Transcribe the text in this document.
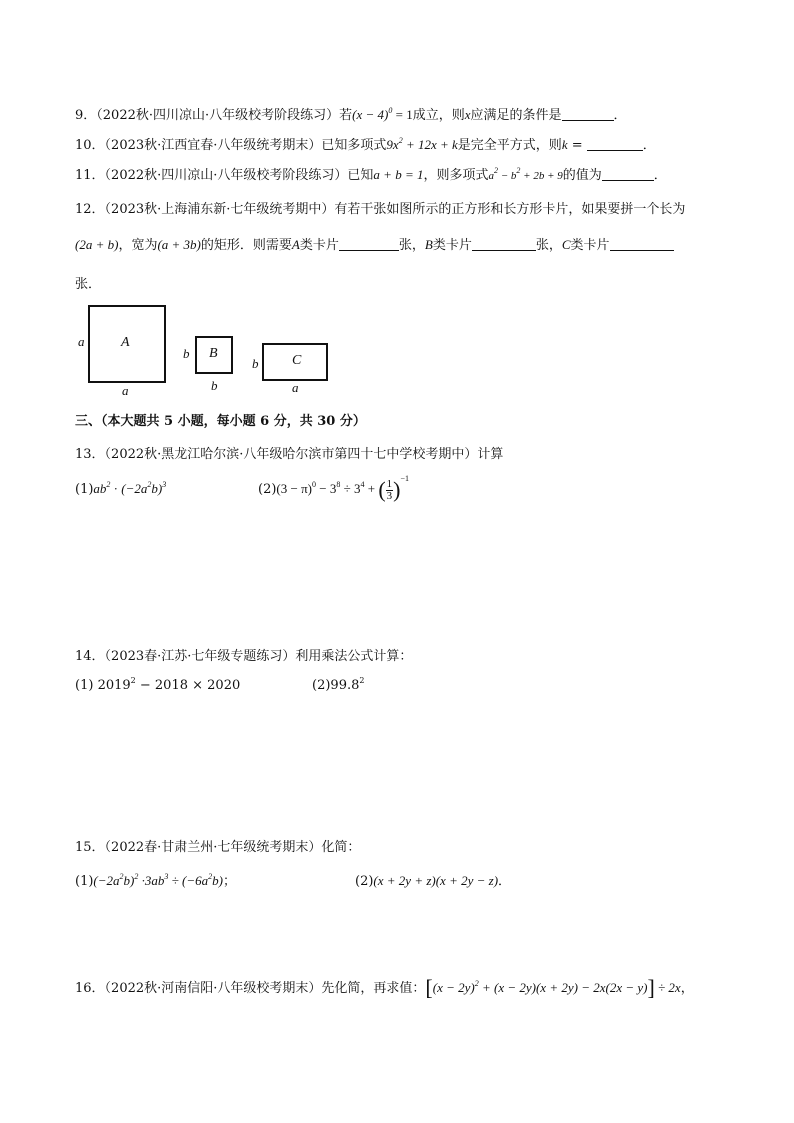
9．（2022秋·四川凉山·八年级校考阶段练习）若$(x - 4)^0 = 1$成立，则x应满足的条件是	．
10．（2023秋·江西宜春·八年级统考期末）已知多项式$9x^2 + 12x + k$是完全平方式，则k =	．
11．（2022秋·四川凉山·八年级校考阶段练习）已知a + b = 1，则多项式$a^2 - b^2 + 2b + 9$的值为	．
12．（2023秋·上海浦东新·七年级统考期中）有若干张如图所示的正方形和长方形卡片，如果要拼一个长为
(2a + b)，宽为(a + 3b)的矩形．则需要A类卡片	张，B类卡片	张，C类卡片
张．
A
a
a
B
b
b
C
b
a
三、（本大题共 5 小题，每小题 6 分，共 30 分）
13．（2022秋·黑龙江哈尔滨·八年级哈尔滨市第四十七中学校考期中）计算
$(1)ab^2 \cdot (-2a^2b)^3$	$(2)(3 - \pi)^0 - 3^8 \div 3^4$ + ( $\frac{1}{3} )^{-1}$
14．（2023春·江苏·七年级专题练习）利用乘法公式计算：
(1) $2019^2 - 2018 \times 2020$	(2)99.8$^2$
15．（2022春·甘肃兰州·七年级统考期末）化简：
$(1)(-2a^2b)^2 \cdot 3ab^3 \div (-6a^2b)$；	(2)(x + 2y + z)(x + 2y − z)．
16．（2022秋·河南信阳·八年级校考期末）先化简，再求值：$[(x - 2y)^2 + (x - 2y)(x + 2y) - 2x(2x - y)] \div 2x$，
